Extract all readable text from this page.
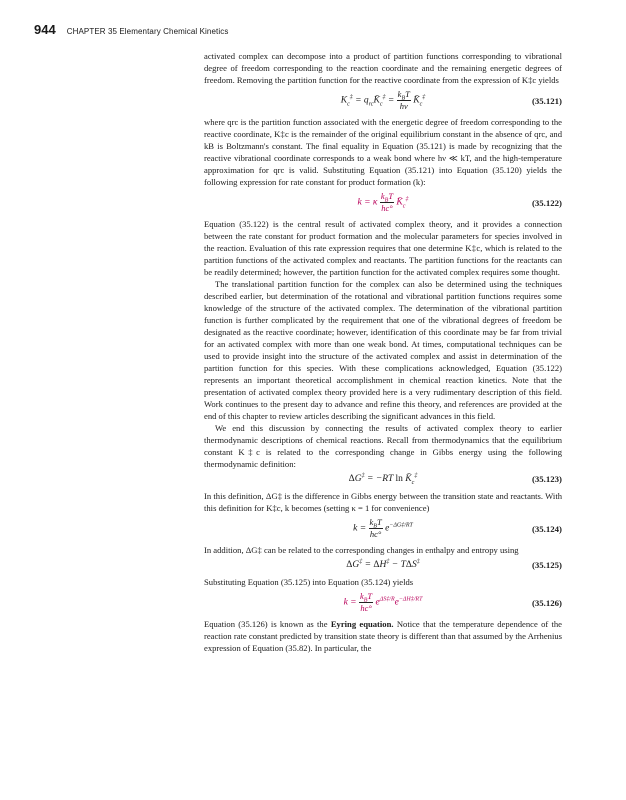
944 CHAPTER 35 Elementary Chemical Kinetics

activated complex can decompose into a product of partition functions corresponding to vibrational degree of freedom corresponding to the reaction coordinate and the remaining energetic degrees of freedom. Removing the partition function for the reactive coordinate from the expression of K‡c yields

$K_c^\ddagger$ = $q_{rc}K̄_c^\ddagger$ =
$k_BT$
hν
$K̄_c^\ddagger$	(35.121)

where qrc is the partition function associated with the energetic degree of freedom corresponding to the reactive coordinate, K‡c is the remainder of the original equilibrium constant in the absence of qrc, and kB is Boltzmann's constant. The final equality in Equation (35.121) is made by recognizing that the reactive vibrational coordinate corresponds to a weak bond where hν ≪ kT, and the high-temperature approximation for qrc is valid. Substituting Equation (35.121) into Equation (35.120) yields the following expression for rate constant for product formation (k):

k = κ
$k_BT$
hc°
$K̄_c^\ddagger$	(35.122)

Equation (35.122) is the central result of activated complex theory, and it provides a connection between the rate constant for product formation and the molecular parameters for species involved in the reaction. Evaluation of this rate expression requires that one determine K‡c, which is related to the partition functions of the activated complex and reactants. The partition functions for the reactants can be readily determined; however, the partition function for the activated complex requires some thought.

The translational partition function for the complex can also be determined using the techniques described earlier, but determination of the rotational and vibrational partition functions requires some knowledge of the structure of the activated complex. The determination of the vibrational partition function is further complicated by the requirement that one of the vibrational degrees of freedom be designated as the reactive coordinate; however, identification of this coordinate may be far from trivial for an activated complex with more than one weak bond. At times, computational techniques can be used to provide insight into the structure of the activated complex and assist in determination of the partition function for this species. With these complications acknowledged, Equation (35.122) represents an important theoretical accomplishment in chemical reaction kinetics. Note that the presentation of activated complex theory provided here is a very rudimentary description of this field. Work continues to the present day to advance and refine this theory, and references are provided at the end of this chapter to review articles describing the significant advances in this field.

We end this discussion by connecting the results of activated complex theory to earlier thermodynamic descriptions of chemical reactions. Recall from thermodynamics that the equilibrium constant K‡c is related to the corresponding change in Gibbs energy using the following thermodynamic definition:

ΔG‡ = −RT $\ln K̄_c^\ddagger$	(35.123)

In this definition, ΔG‡ is the difference in Gibbs energy between the transition state and reactants. With this definition for K‡c, k becomes (setting κ = 1 for convenience)

k =
$k_BT$
hc°
$e^{-\Delta G\ddagger/RT}$	(35.124)

In addition, ΔG‡ can be related to the corresponding changes in enthalpy and entropy using

ΔG‡ = ΔH‡ − TΔS‡	(35.125)

Substituting Equation (35.125) into Equation (35.124) yields

k =
$k_BT$
hc°
$e^{\Delta S\ddagger/R}e^{-\Delta H\ddagger/RT}$	(35.126)

Equation (35.126) is known as the Eyring equation. Notice that the temperature dependence of the reaction rate constant predicted by transition state theory is different than that assumed by the Arrhenius expression of Equation (35.82). In particular, the
